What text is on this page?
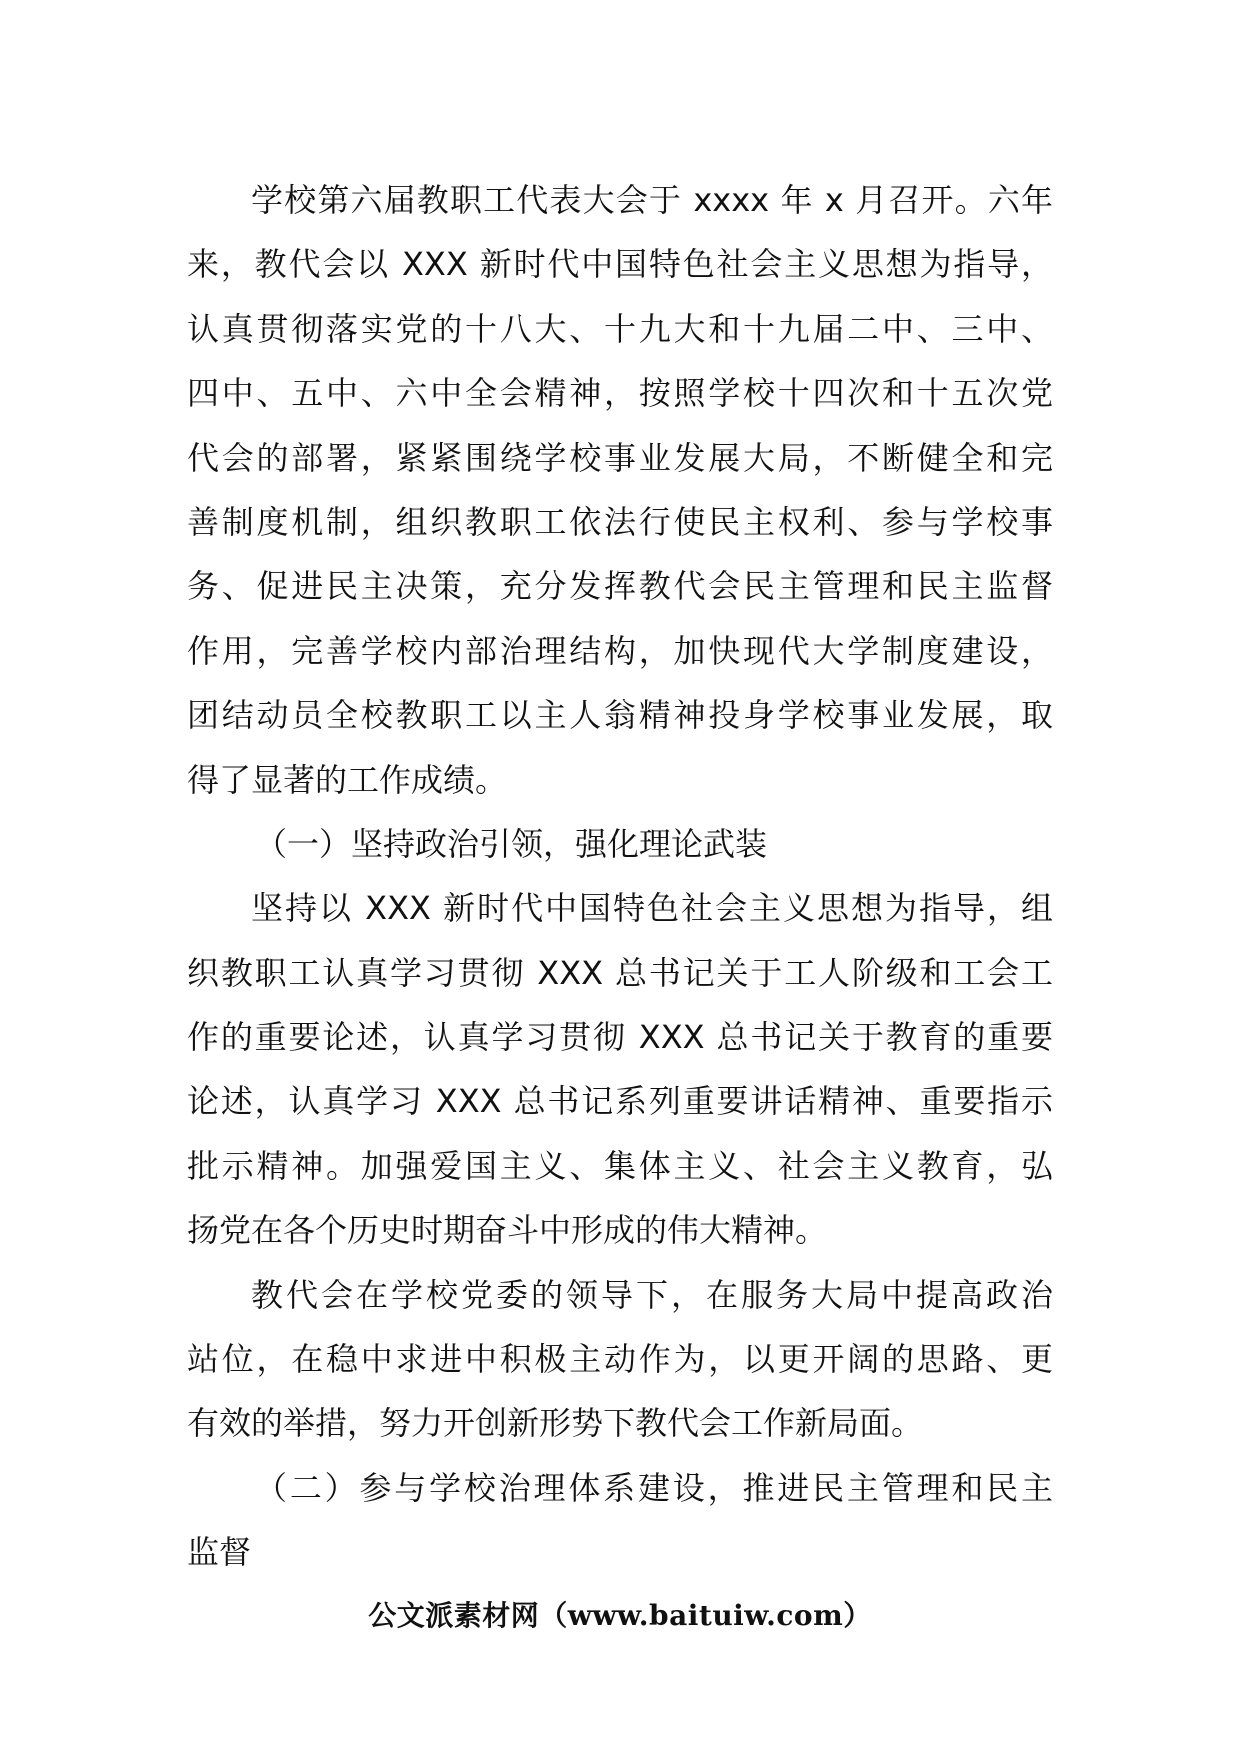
学校第六届教职工代表大会于 xxxx 年 x 月召开。六年
来，教代会以 XXX 新时代中国特色社会主义思想为指导，
认真贯彻落实党的十八大、十九大和十九届二中、三中、
四中、五中、六中全会精神，按照学校十四次和十五次党
代会的部署，紧紧围绕学校事业发展大局，不断健全和完
善制度机制，组织教职工依法行使民主权利、参与学校事
务、促进民主决策，充分发挥教代会民主管理和民主监督
作用，完善学校内部治理结构，加快现代大学制度建设，
团结动员全校教职工以主人翁精神投身学校事业发展，取
得了显著的工作成绩。
（一）坚持政治引领，强化理论武装
坚持以 XXX 新时代中国特色社会主义思想为指导，组
织教职工认真学习贯彻 XXX 总书记关于工人阶级和工会工
作的重要论述，认真学习贯彻 XXX 总书记关于教育的重要
论述，认真学习 XXX 总书记系列重要讲话精神、重要指示
批示精神。加强爱国主义、集体主义、社会主义教育，弘
扬党在各个历史时期奋斗中形成的伟大精神。
教代会在学校党委的领导下，在服务大局中提高政治
站位，在稳中求进中积极主动作为，以更开阔的思路、更
有效的举措，努力开创新形势下教代会工作新局面。
（二）参与学校治理体系建设，推进民主管理和民主
监督
公文派素材网（www.baituiw.com）
